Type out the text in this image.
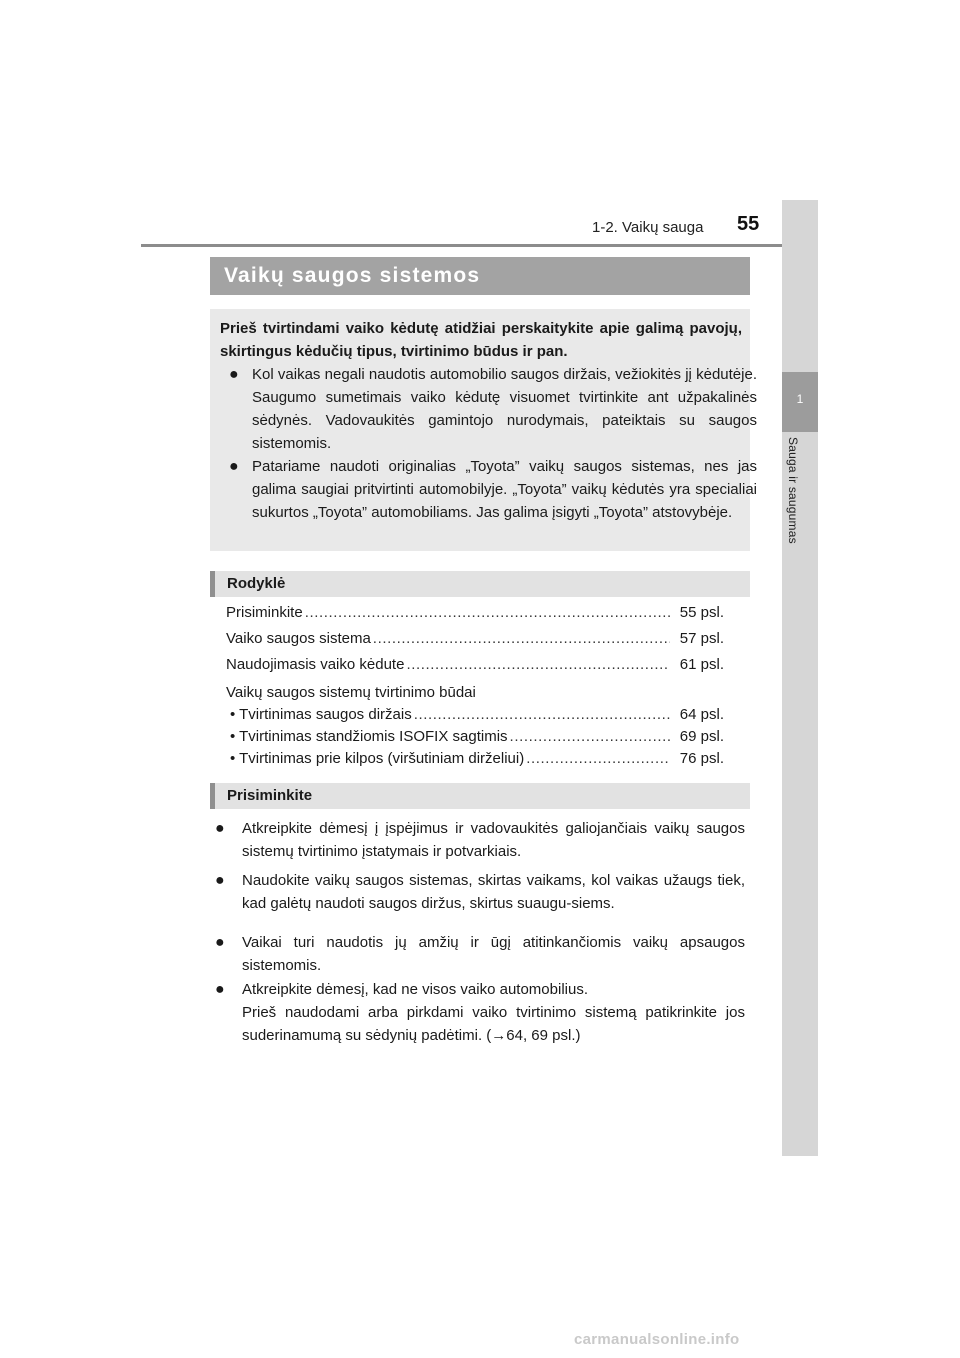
1-2. Vaikų sauga 55
1
Sauga ir saugumas
Vaikų saugos sistemos
Prieš tvirtindami vaiko kėdutę atidžiai perskaitykite apie galimą pavojų, skirtingus kėdučių tipus, tvirtinimo būdus ir pan.
● Kol vaikas negali naudotis automobilio saugos diržais, vežiokitės jį kėdutėje. Saugumo sumetimais vaiko kėdutę visuomet tvirtinkite ant užpakalinės sėdynės. Vadovaukitės gamintojo nurodymais, pateiktais su saugos sistemomis.
● Patariame naudoti originalias „Toyota” vaikų saugos sistemas, nes jas galima saugiai pritvirtinti automobilyje. „Toyota” vaikų kėdutės yra specialiai sukurtos „Toyota” automobiliams. Jas galima įsigyti „Toyota” atstovybėje.
Rodyklė
Prisiminkite .....	55 psl.
Vaiko saugos sistema .....	57 psl.
Naudojimasis vaiko kėdute .....	61 psl.
Vaikų saugos sistemų tvirtinimo būdai
• Tvirtinimas saugos diržais .....	64 psl.
• Tvirtinimas standžiomis ISOFIX sagtimis .....	69 psl.
• Tvirtinimas prie kilpos (viršutiniam dirželiui) .....	76 psl.
Prisiminkite
● Atkreipkite dėmesį į įspėjimus ir vadovaukitės galiojančiais vaikų saugos sistemų tvirtinimo įstatymais ir potvarkiais.
● Naudokite vaikų saugos sistemas, skirtas vaikams, kol vaikas užaugs tiek, kad galėtų naudoti saugos diržus, skirtus suaugu-siems.
● Vaikai turi naudotis jų amžių ir ūgį atitinkančiomis vaikų apsaugos sistemomis.
● Atkreipkite dėmesį, kad ne visos vaiko automobilius.

Prieš naudodami arba pirkdami vaiko tvirtinimo sistemą patikrinkite jos suderinamumą su sėdynių padėtimi. (→64, 69 psl.)

carmanualsonline.info
